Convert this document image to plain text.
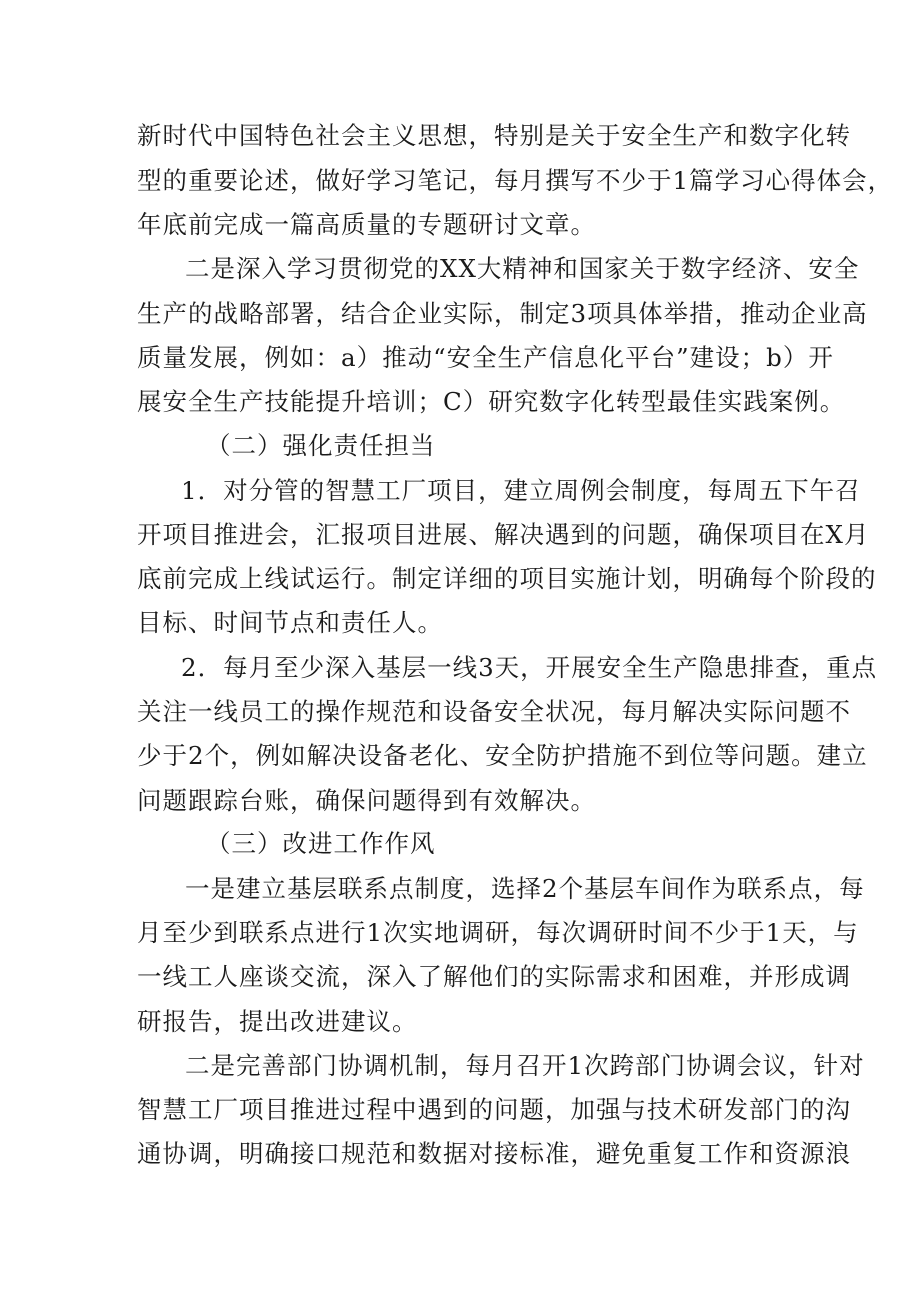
新时代中国特色社会主义思想，特别是关于安全生产和数字化转
型的重要论述，做好学习笔记，每月撰写不少于1篇学习心得体会，
年底前完成一篇高质量的专题研讨文章。
二是深入学习贯彻党的XX大精神和国家关于数字经济、安全
生产的战略部署，结合企业实际，制定3项具体举措，推动企业高
质量发展，例如：a）推动“安全生产信息化平台”建设；b）开
展安全生产技能提升培训；C）研究数字化转型最佳实践案例。
（二）强化责任担当
1．对分管的智慧工厂项目，建立周例会制度，每周五下午召
开项目推进会，汇报项目进展、解决遇到的问题，确保项目在X月
底前完成上线试运行。制定详细的项目实施计划，明确每个阶段的
目标、时间节点和责任人。
2．每月至少深入基层一线3天，开展安全生产隐患排查，重点
关注一线员工的操作规范和设备安全状况，每月解决实际问题不
少于2个，例如解决设备老化、安全防护措施不到位等问题。建立
问题跟踪台账，确保问题得到有效解决。
（三）改进工作作风
一是建立基层联系点制度，选择2个基层车间作为联系点，每
月至少到联系点进行1次实地调研，每次调研时间不少于1天，与
一线工人座谈交流，深入了解他们的实际需求和困难，并形成调
研报告，提出改进建议。
二是完善部门协调机制，每月召开1次跨部门协调会议，针对
智慧工厂项目推进过程中遇到的问题，加强与技术研发部门的沟
通协调，明确接口规范和数据对接标准，避免重复工作和资源浪
